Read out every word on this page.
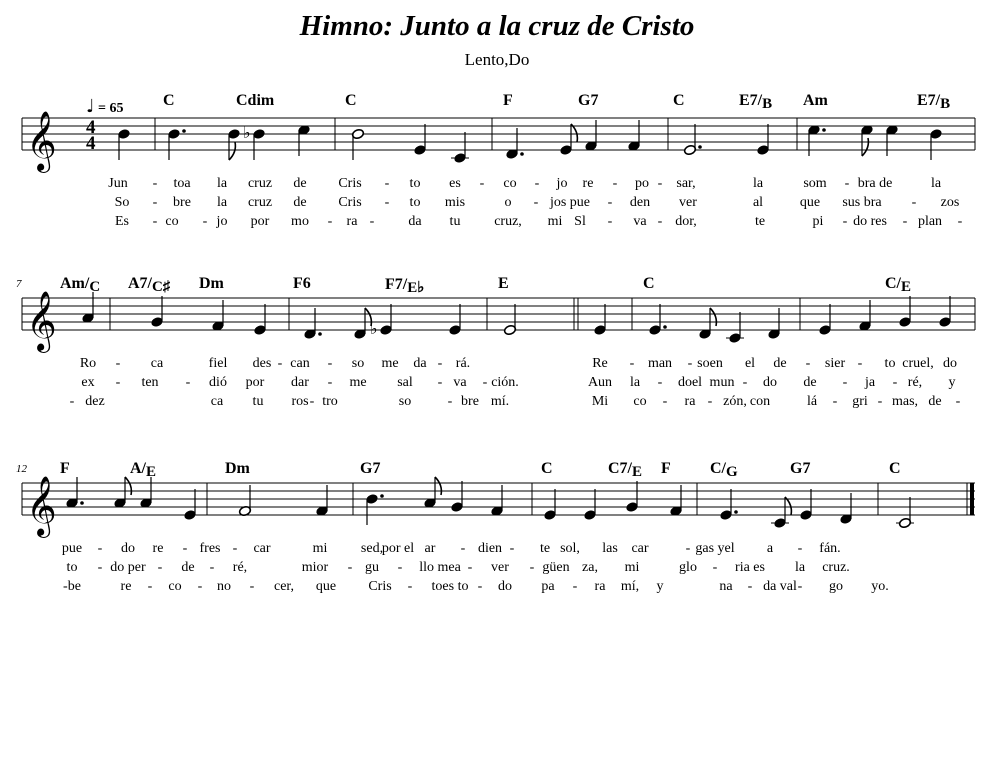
Himno: Junto a la cruz de Cristo
Lento,Do
♩ = 65
𝄞 4
4
♭
C	Cdim	C	F	G7	C	E7/B Am	E7/B
Jun - toa la cruz de Cris - to es - co - jo re - po - sar,	la	som - bra de	la
So - bre la cruz de Cris - to mis	o - jos pue - den ver	al	que sus bra - zos
Es - co - jo por mo - ra - da tu cruz, mi Sl - va - dor,	te	pi - do res - plan -
𝄞	♭
7 Am/C A7/C♯ Dm	F6	F7/E♭	E	C	C/E
Ro - ca	fiel des - can - so me da - rá.	Re - man - soen el de - sier - to cruel, do
ex - ten - dió por dar - me sal - va - ción.	Aun la - doel mun - do de - ja - ré, y
- dez	ca tu ros - tro	so	- bre mí.	Mi co - ra - zón, con	lá - gri - mas, de -
𝄞
12 F	A/E	Dm	G7	C	C7/E F C/G	G7	C
pue - do re - fres - car	mi sed,
por el ar - dien - te sol, las car	- gas yel a - fán.
to - do per - de - ré,	mior - gu - llo mea - ver - güen za, mi	glo - ria es la cruz.
-be	re - co - no - cer, que Cris - toes to - do pa - ra mí, y	na - da val - go yo.
